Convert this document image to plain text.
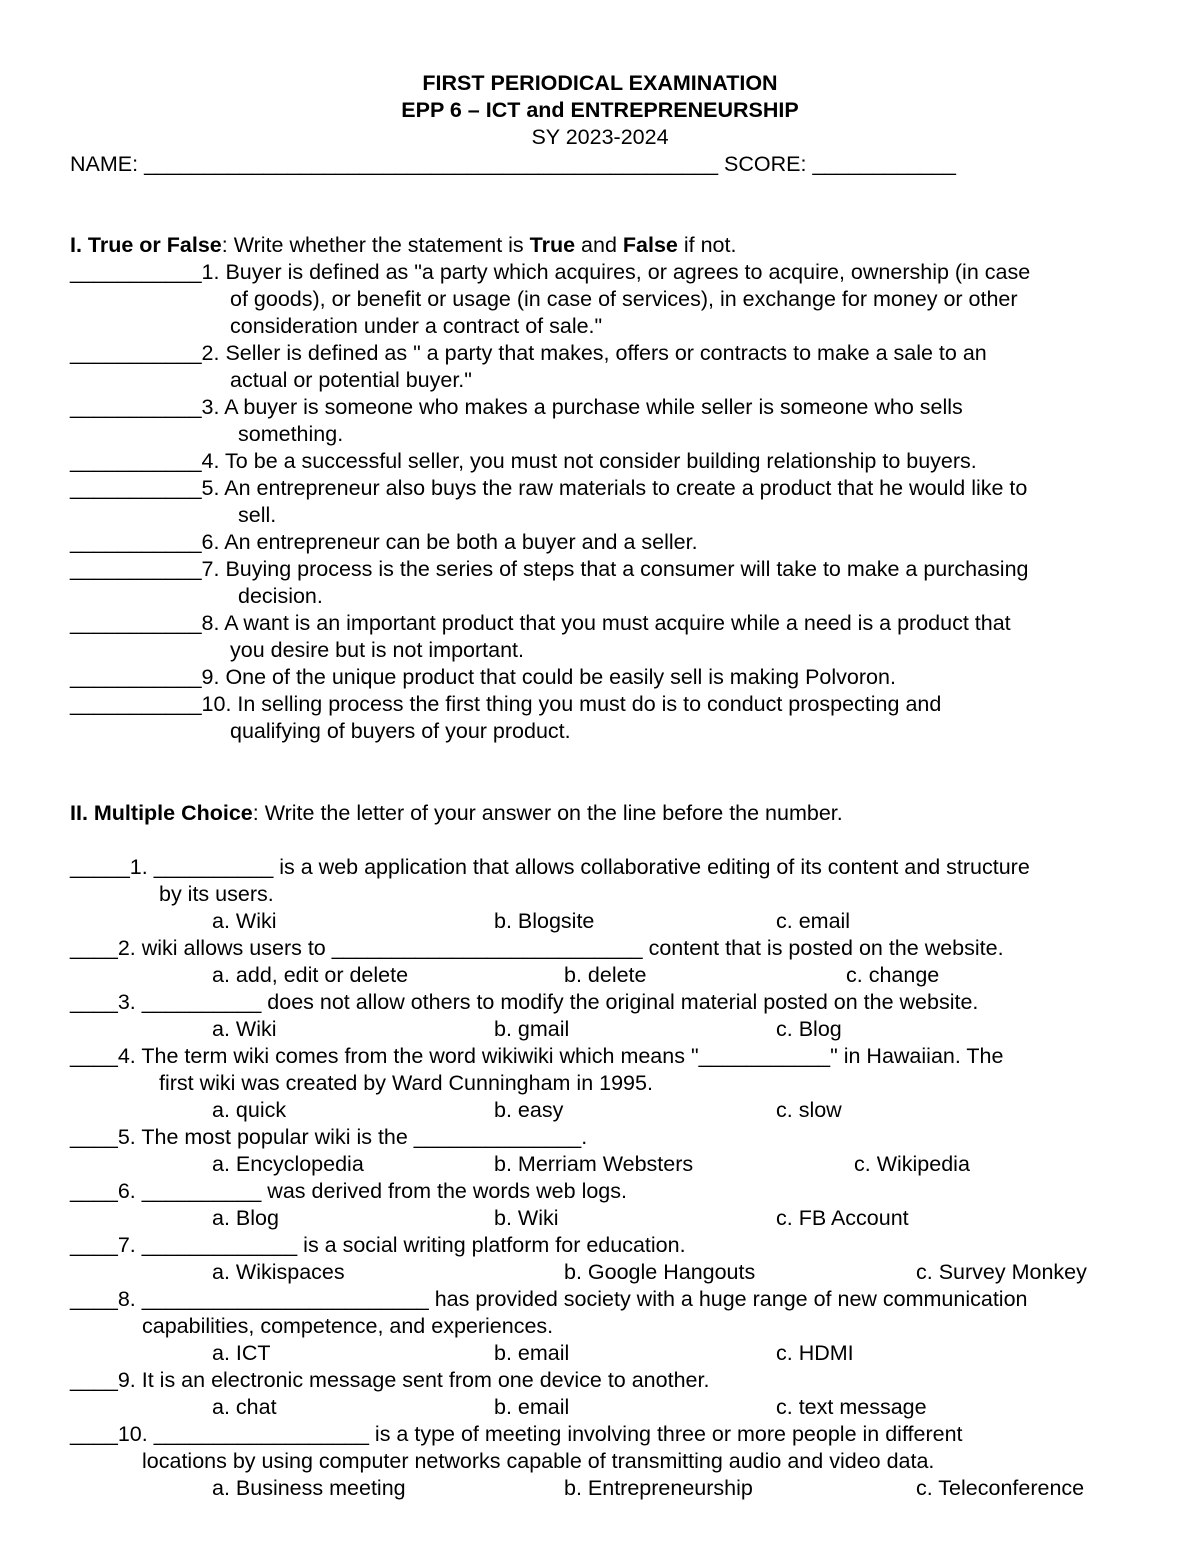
FIRST PERIODICAL EXAMINATION
EPP 6 – ICT and ENTREPRENEURSHIP
SY 2023-2024
NAME: ________________________________________________ SCORE: ____________
I. True or False: Write whether the statement is True and False if not.
___________1. Buyer is defined as "a party which acquires, or agrees to acquire, ownership (in case
of goods), or benefit or usage (in case of services), in exchange for money or other
consideration under a contract of sale."
___________2. Seller is defined as " a party that makes, offers or contracts to make a sale to an
actual or potential buyer."
___________3. A buyer is someone who makes a purchase while seller is someone who sells
something.
___________4. To be a successful seller, you must not consider building relationship to buyers.
___________5. An entrepreneur also buys the raw materials to create a product that he would like to
sell.
___________6. An entrepreneur can be both a buyer and a seller.
___________7. Buying process is the series of steps that a consumer will take to make a purchasing
decision.
___________8. A want is an important product that you must acquire while a need is a product that
you desire but is not important.
___________9. One of the unique product that could be easily sell is making Polvoron.
___________10. In selling process the first thing you must do is to conduct prospecting and
qualifying of buyers of your product.
II. Multiple Choice: Write the letter of your answer on the line before the number.
_____1. __________ is a web application that allows collaborative editing of its content and structure
by its users.
a. Wiki	b. Blogsite	c. email
____2. wiki allows users to __________________________ content that is posted on the website.
a. add, edit or delete	b. delete	c. change
____3. __________ does not allow others to modify the original material posted on the website.
a. Wiki	b. gmail	c. Blog
____4. The term wiki comes from the word wikiwiki which means "___________" in Hawaiian. The
first wiki was created by Ward Cunningham in 1995.
a. quick	b. easy	c. slow
____5. The most popular wiki is the ______________.
a. Encyclopedia	b. Merriam Websters	c. Wikipedia
____6. __________ was derived from the words web logs.
a. Blog	b. Wiki	c. FB Account
____7. _____________ is a social writing platform for education.
a. Wikispaces	b. Google Hangouts	c. Survey Monkey
____8. ________________________ has provided society with a huge range of new communication
capabilities, competence, and experiences.
a. ICT	b. email	c. HDMI
____9. It is an electronic message sent from one device to another.
a. chat	b. email	c. text message
____10. __________________ is a type of meeting involving three or more people in different
locations by using computer networks capable of transmitting audio and video data.
a. Business meeting	b. Entrepreneurship	c. Teleconference
